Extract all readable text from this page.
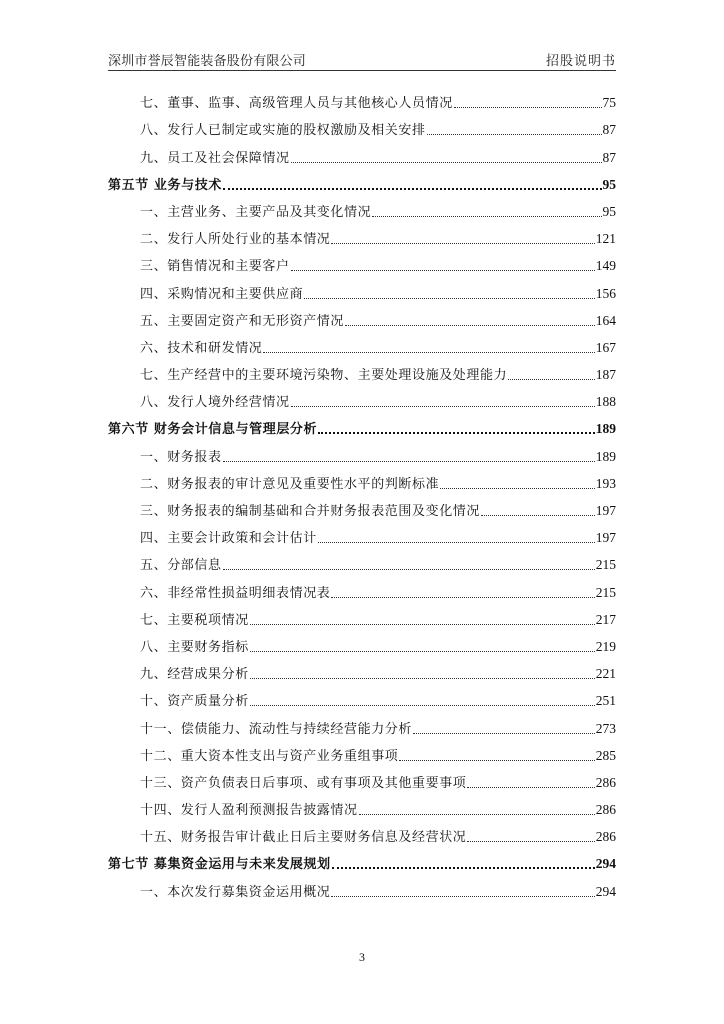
深圳市誉辰智能装备股份有限公司	招股说明书
七、董事、监事、高级管理人员与其他核心人员情况	75
八、发行人已制定或实施的股权激励及相关安排	87
九、员工及社会保障情况	87
第五节 业务与技术	95
一、主营业务、主要产品及其变化情况	95
二、发行人所处行业的基本情况	121
三、销售情况和主要客户	149
四、采购情况和主要供应商	156
五、主要固定资产和无形资产情况	164
六、技术和研发情况	167
七、生产经营中的主要环境污染物、主要处理设施及处理能力	187
八、发行人境外经营情况	188
第六节 财务会计信息与管理层分析	189
一、财务报表	189
二、财务报表的审计意见及重要性水平的判断标准	193
三、财务报表的编制基础和合并财务报表范围及变化情况	197
四、主要会计政策和会计估计	197
五、分部信息	215
六、非经常性损益明细表情况表	215
七、主要税项情况	217
八、主要财务指标	219
九、经营成果分析	221
十、资产质量分析	251
十一、偿债能力、流动性与持续经营能力分析	273
十二、重大资本性支出与资产业务重组事项	285
十三、资产负债表日后事项、或有事项及其他重要事项	286
十四、发行人盈利预测报告披露情况	286
十五、财务报告审计截止日后主要财务信息及经营状况	286
第七节 募集资金运用与未来发展规划	294
一、本次发行募集资金运用概况	294
3
